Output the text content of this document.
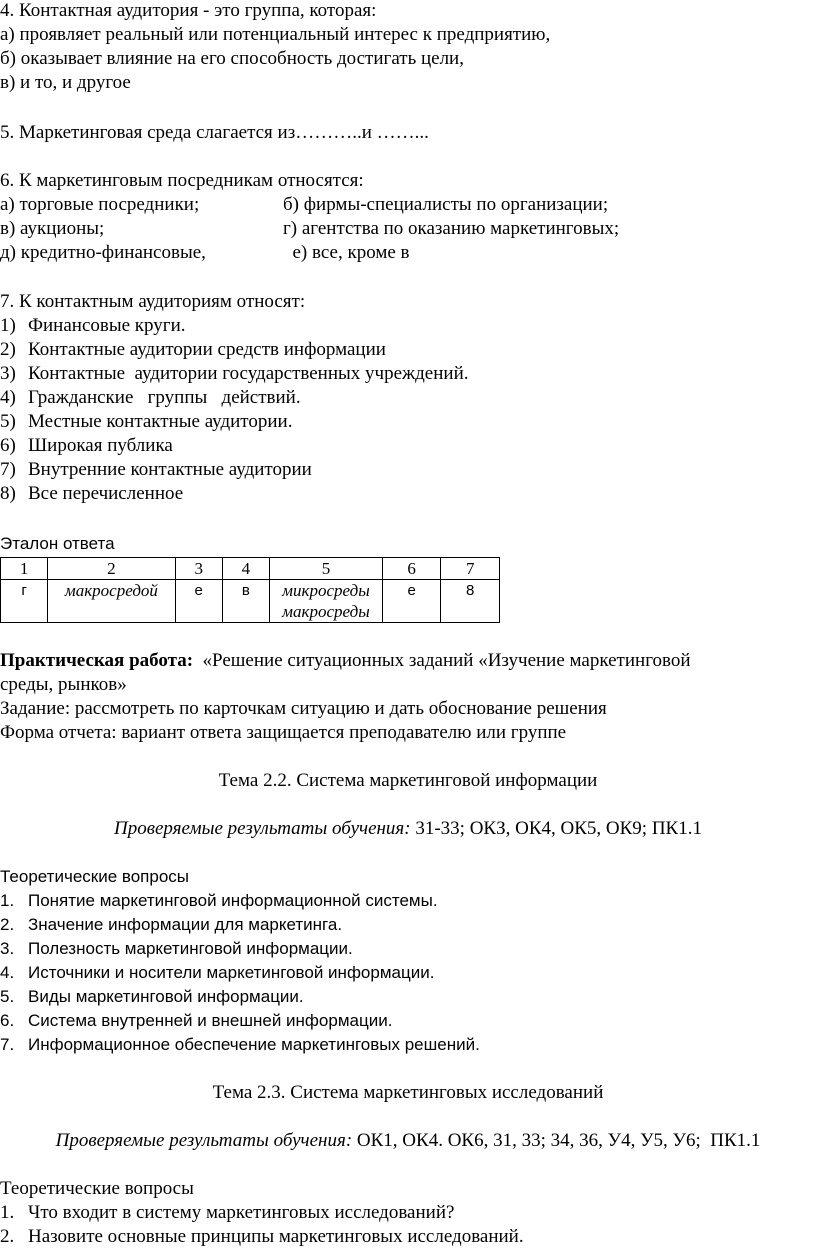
4. Контактная аудитория - это группа, которая:
а) проявляет реальный или потенциальный интерес к предприятию,
б) оказывает влияние на его способность достигать цели,
в) и то, и другое
5. Маркетинговая среда слагается из………..и ……...
6. К маркетинговым посредникам относятся:
а) торговые посредники;	б) фирмы-специалисты по организации;
в) аукционы;	г) агентства по оказанию маркетинговых;
д) кредитно-финансовые,	е) все, кроме в
7. К контактным аудиториям относят:
1) Финансовые круги.
2) Контактные аудитории средств информации
3) Контактные  аудитории государственных учреждений.
4) Гражданские   группы   действий.
5) Местные контактные аудитории.
6) Широкая публика
7) Внутренние контактные аудитории
8) Все перечисленное
Эталон ответа
1	2	3	4	5	6	7
г	макросредой	е	в	микросреды макросреды	е	8
Практическая работа:  «Решение ситуационных заданий «Изучение маркетинговой
среды, рынков»
Задание: рассмотреть по карточкам ситуацию и дать обоснование решения
Форма отчета: вариант ответа защищается преподавателю или группе
Тема 2.2. Система маркетинговой информации
Проверяемые результаты обучения: 31-33; ОКЗ, ОК4, ОК5, ОК9; ПК1.1
Теоретические вопросы
1. Понятие маркетинговой информационной системы.
2. Значение информации для маркетинга.
3. Полезность маркетинговой информации.
4. Источники и носители маркетинговой информации.
5. Виды маркетинговой информации.
6. Система внутренней и внешней информации.
7. Информационное обеспечение маркетинговых решений.
Тема 2.3. Система маркетинговых исследований
Проверяемые результаты обучения: ОК1, ОК4. ОК6, 31, 33; 34, 36, У4, У5, У6;  ПК1.1
Теоретические вопросы
1. Что входит в систему маркетинговых исследований?
2. Назовите основные принципы маркетинговых исследований.
